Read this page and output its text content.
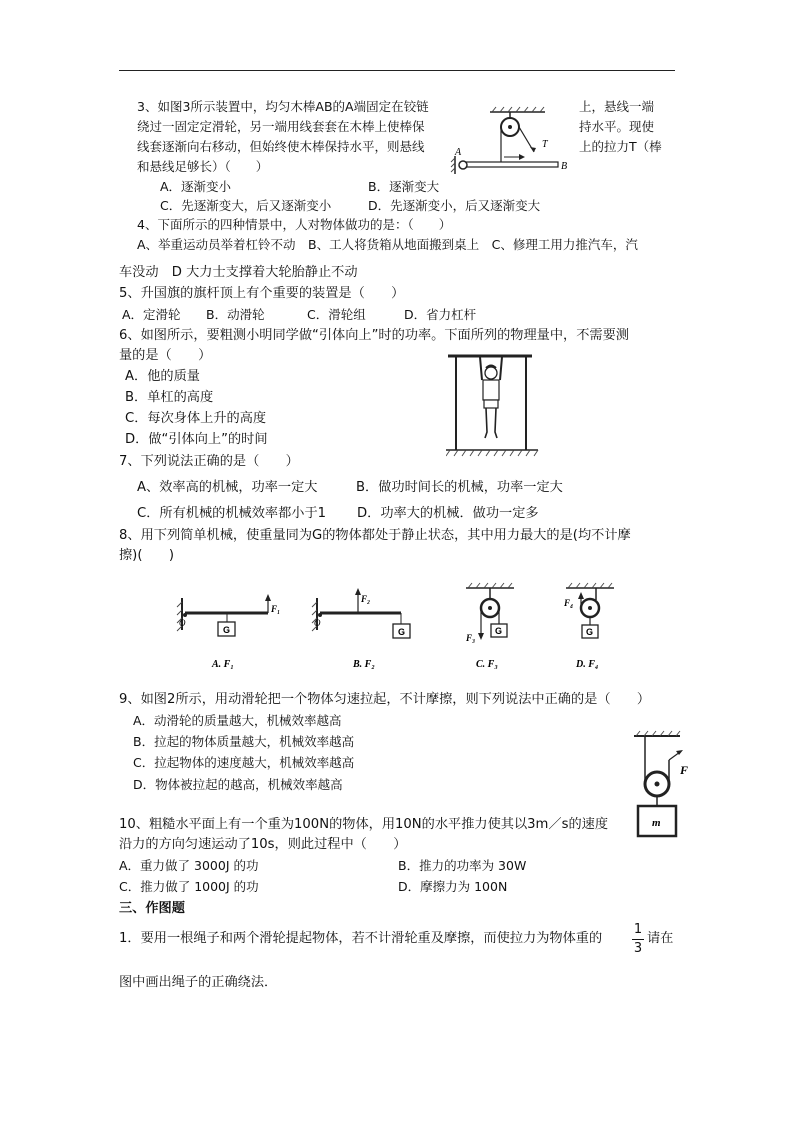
3、如图3所示装置中，均匀木棒AB的A端固定在铰链	上，悬线一端
绕过一固定定滑轮，另一端用线套套在木棒上使棒保	持水平。现使
线套逐渐向右移动，但始终使木棒保持水平，则悬线	上的拉力T（棒
和悬线足够长）（　　）
A．逐渐变小	B．逐渐变大
C．先逐渐变大，后又逐渐变小	D．先逐渐变小，后又逐渐变大
A
B
T
4、下面所示的四种情景中，人对物体做功的是：（　　）
A、举重运动员举着杠铃不动　B、工人将货箱从地面搬到桌上　C、修理工用力推汽车，汽
车没动　D 大力士支撑着大轮胎静止不动
5、升国旗的旗杆顶上有个重要的装置是（　　）
A．定滑轮 B．动滑轮	C．滑轮组	D．省力杠杆
6、如图所示，要粗测小明同学做“引体向上”时的功率。下面所列的物理量中，不需要测
量的是（　　）
A．他的质量
B．单杠的高度
C．每次身体上升的高度
D．做“引体向上”的时间
7、下列说法正确的是（　　）
A、效率高的机械，功率一定大	B．做功时间长的机械，功率一定大
C．所有机械的机械效率都小于1 D．功率大的机械．做功一定多
8、用下列简单机械，使重量同为G的物体都处于静止状态，其中用力最大的是(均不计摩
擦)(　　)
G
O
F₁
A. F₁
G
O
F₂
B. F₂
G
F₃
C. F₃
G
F₄
D. F₄
9、如图2所示，用动滑轮把一个物体匀速拉起，不计摩擦，则下列说法中正确的是（　　）
A．动滑轮的质量越大，机械效率越高
B．拉起的物体质量越大，机械效率越高
C．拉起物体的速度越大，机械效率越高
D．物体被拉起的越高，机械效率越高
m
F
10、粗糙水平面上有一个重为100N的物体，用10N的水平推力使其以3m／s的速度
沿力的方向匀速运动了10s，则此过程中（　　）
A．重力做了 3000J 的功	B．推力的功率为 30W
C．推力做了 1000J 的功	D．摩擦力为 100N
三、作图题
1．要用一根绳子和两个滑轮提起物体，若不计滑轮重及摩擦，而使拉力为物体重的
1
3
请在
图中画出绳子的正确绕法．
